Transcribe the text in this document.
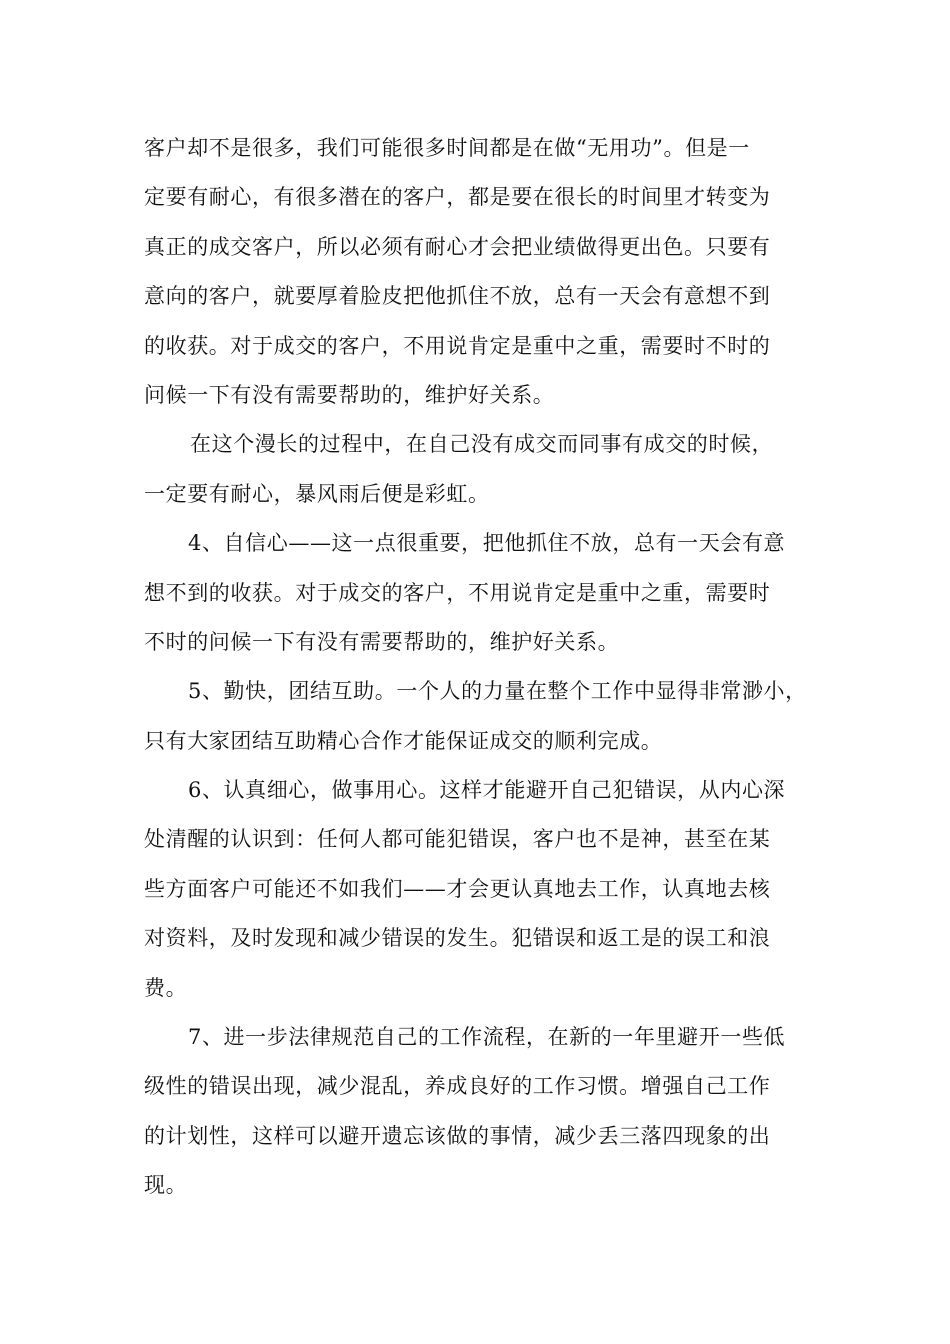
客户却不是很多，我们可能很多时间都是在做“无用功”。但是一
定要有耐心，有很多潜在的客户，都是要在很长的时间里才转变为
真正的成交客户，所以必须有耐心才会把业绩做得更出色。只要有
意向的客户，就要厚着脸皮把他抓住不放，总有一天会有意想不到
的收获。对于成交的客户，不用说肯定是重中之重，需要时不时的
问候一下有没有需要帮助的，维护好关系。
在这个漫长的过程中，在自己没有成交而同事有成交的时候，
一定要有耐心，暴风雨后便是彩虹。
4、自信心——这一点很重要，把他抓住不放，总有一天会有意
想不到的收获。对于成交的客户，不用说肯定是重中之重，需要时
不时的问候一下有没有需要帮助的，维护好关系。
5、勤快，团结互助。一个人的力量在整个工作中显得非常渺小，
只有大家团结互助精心合作才能保证成交的顺利完成。
6、认真细心，做事用心。这样才能避开自己犯错误，从内心深
处清醒的认识到：任何人都可能犯错误，客户也不是神，甚至在某
些方面客户可能还不如我们——才会更认真地去工作，认真地去核
对资料，及时发现和减少错误的发生。犯错误和返工是的误工和浪
费。
7、进一步法律规范自己的工作流程，在新的一年里避开一些低
级性的错误出现，减少混乱，养成良好的工作习惯。增强自己工作
的计划性，这样可以避开遗忘该做的事情，减少丢三落四现象的出
现。
